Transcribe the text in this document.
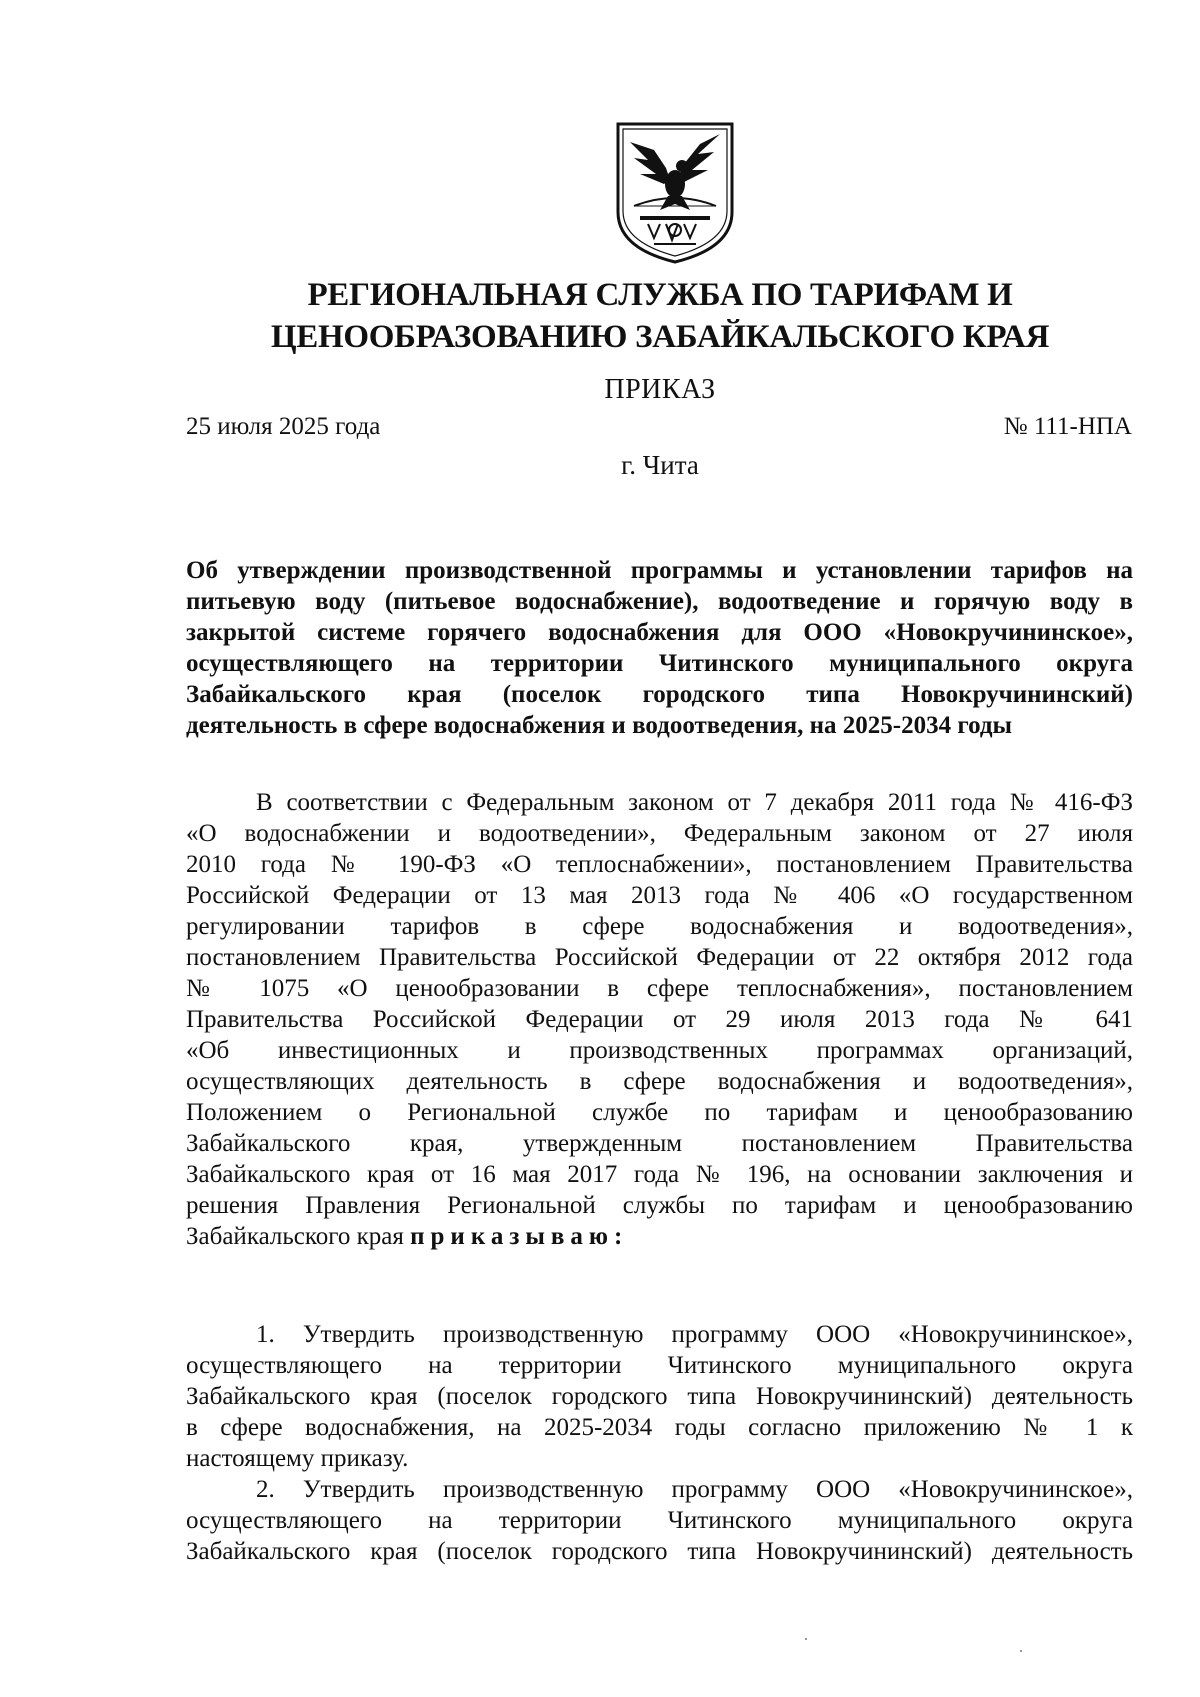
РЕГИОНАЛЬНАЯ СЛУЖБА ПО ТАРИФАМ И
ЦЕНООБРАЗОВАНИЮ ЗАБАЙКАЛЬСКОГО КРАЯ
ПРИКАЗ
25 июля 2025 года	№ 111-НПА
г. Чита
Об утверждении производственной программы и установлении тарифов на
питьевую воду (питьевое водоснабжение), водоотведение и горячую воду в
закрытой системе горячего водоснабжения для ООО «Новокручининское»,
осуществляющего на территории Читинского муниципального округа
Забайкальского края (поселок городского типа Новокручининский)
деятельность в сфере водоснабжения и водоотведения, на 2025-2034 годы
В соответствии с Федеральным законом от 7 декабря 2011 года № 416-ФЗ
«О водоснабжении и водоотведении», Федеральным законом от 27 июля
2010 года № 190-ФЗ «О теплоснабжении», постановлением Правительства
Российской Федерации от 13 мая 2013 года № 406 «О государственном
регулировании тарифов в сфере водоснабжения и водоотведения»,
постановлением Правительства Российской Федерации от 22 октября 2012 года
№ 1075 «О ценообразовании в сфере теплоснабжения», постановлением
Правительства Российской Федерации от 29 июля 2013 года № 641
«Об инвестиционных и производственных программах организаций,
осуществляющих деятельность в сфере водоснабжения и водоотведения»,
Положением о Региональной службе по тарифам и ценообразованию
Забайкальского края, утвержденным постановлением Правительства
Забайкальского края от 16 мая 2017 года № 196, на основании заключения и
решения Правления Региональной службы по тарифам и ценообразованию
Забайкальского края приказываю:
1. Утвердить производственную программу ООО «Новокручининское»,
осуществляющего на территории Читинского муниципального округа
Забайкальского края (поселок городского типа Новокручининский) деятельность
в сфере водоснабжения, на 2025-2034 годы согласно приложению № 1 к
настоящему приказу.
2. Утвердить производственную программу ООО «Новокручининское»,
осуществляющего на территории Читинского муниципального округа
Забайкальского края (поселок городского типа Новокручининский) деятельность
